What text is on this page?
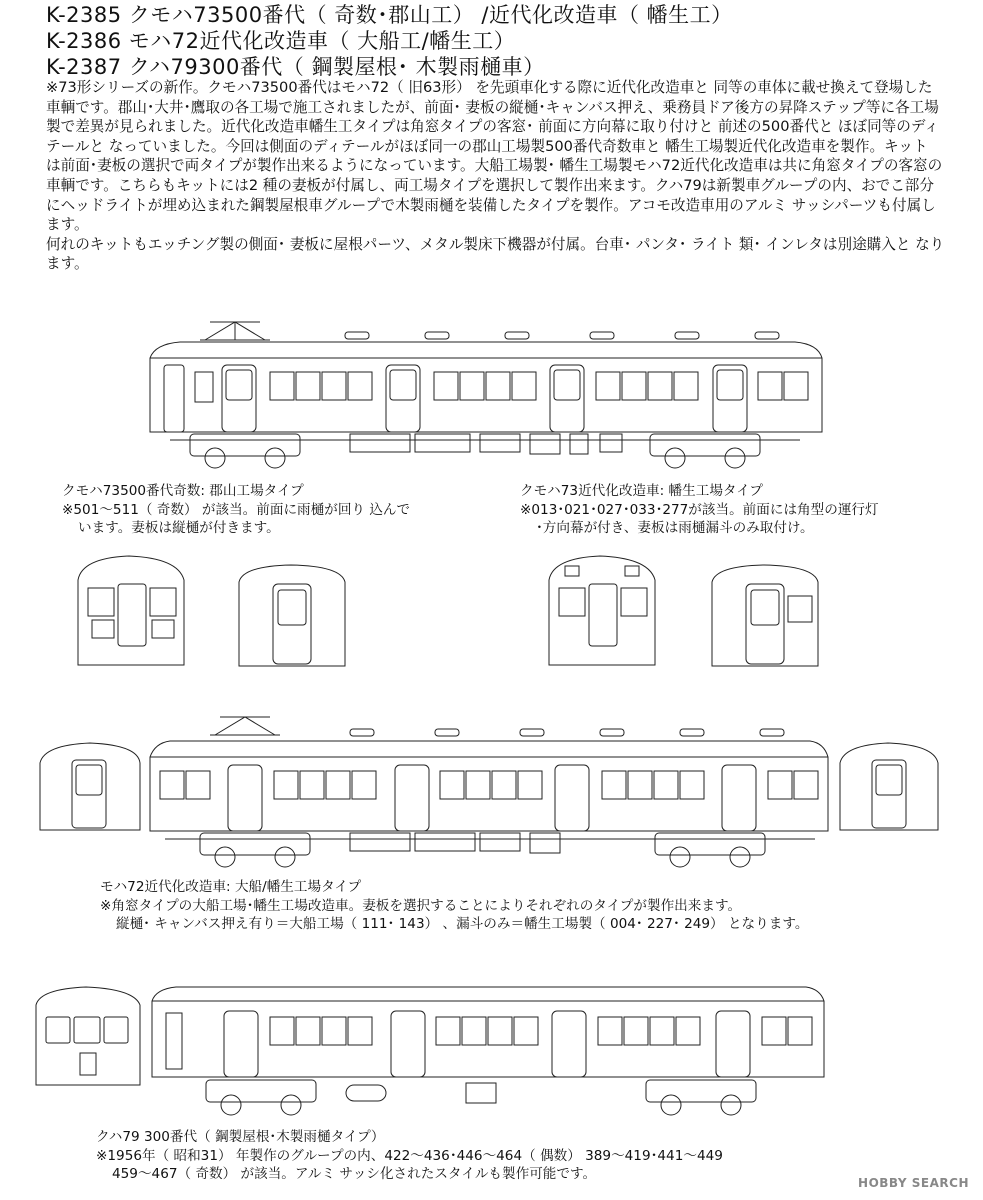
K-2385 クモハ73500番代（ 奇数･郡山工） /近代化改造車（ 幡生工）
K-2386 モハ72近代化改造車（ 大船工/幡生工）
K-2387 クハ79300番代（ 鋼製屋根･ 木製雨樋車）

※73形シリーズの新作。クモハ73500番代はモハ72（ 旧63形） を先頭車化する際に近代化改造車と 同等の車体に載せ換えて登場した車輌です。郡山･大井･鷹取の各工場で施工されましたが、前面･ 妻板の縦樋･キャンバス押え、乗務員ドア後方の昇降ステップ等に各工場製で差異が見られました。近代化改造車幡生工タイプは角窓タイプの客窓･ 前面に方向幕に取り付けと 前述の500番代と ほぼ同等のディテールと なっていました。今回は側面のディテールがほぼ同一の郡山工場製500番代奇数車と 幡生工場製近代化改造車を製作。キット は前面･妻板の選択で両タイプが製作出来るようになっています。大船工場製･ 幡生工場製モハ72近代化改造車は共に角窓タイプの客窓の車輌です。こちらもキットには2 種の妻板が付属し、両工場タイプを選択して製作出来ます。クハ79は新製車グループの内、おでこ部分にヘッドライトが埋め込まれた鋼製屋根車グループで木製雨樋を装備したタイプを製作。アコモ改造車用のアルミ サッシパーツも付属します。

何れのキットもエッチング製の側面･ 妻板に屋根パーツ、メタル製床下機器が付属。台車･ パンタ･ ライト 類･ インレタは別途購入と なります。

クモハ73500番代奇数: 郡山工場タイプ
※501～511（ 奇数） が該当。前面に雨樋が回り 込んで
います。妻板は縦樋が付きます。
クモハ73近代化改造車: 幡生工場タイプ
※013･021･027･033･277が該当。前面には角型の運行灯
･方向幕が付き、妻板は雨樋漏斗のみ取付け。
モハ72近代化改造車: 大船/幡生工場タイプ
※角窓タイプの大船工場･幡生工場改造車。妻板を選択することによりそれぞれのタイプが製作出来ます。
縦樋･ キャンバス押え有り＝大船工場（ 111･ 143） 、漏斗のみ＝幡生工場製（ 004･ 227･ 249） となります。
クハ79 300番代（ 鋼製屋根･木製雨樋タイプ）
※1956年（ 昭和31） 年製作のグループの内、422～436･446～464（ 偶数） 389～419･441～449
459～467（ 奇数） が該当。アルミ サッシ化されたスタイルも製作可能です。
HOBBY SEARCH
